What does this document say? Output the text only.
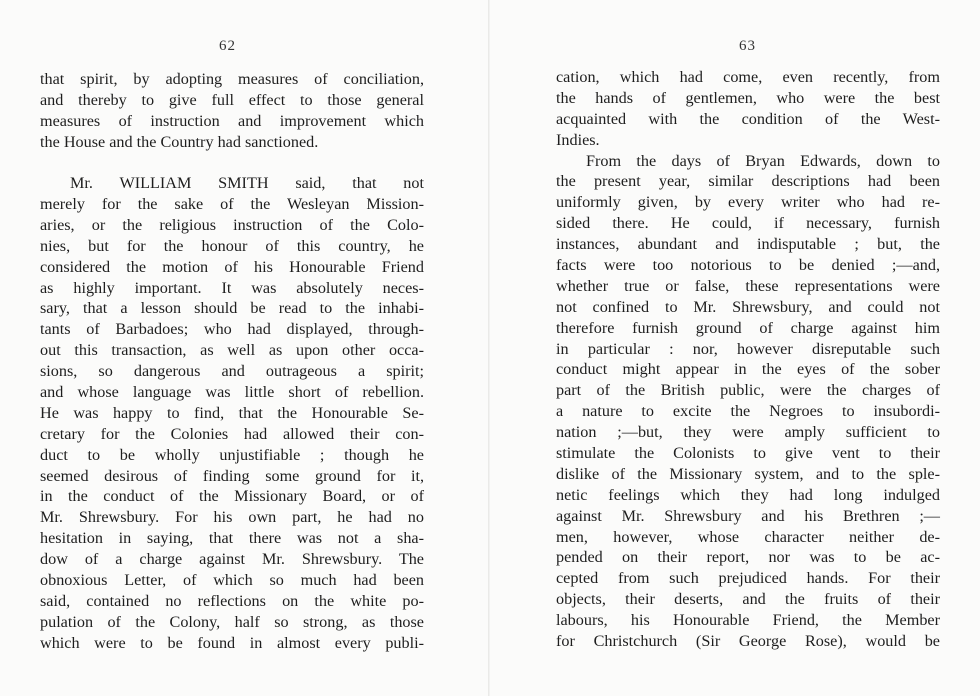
62
that spirit, by adopting measures of conciliation,
and thereby to give full effect to those general
measures of instruction and improvement which
the House and the Country had sanctioned.
Mr. WILLIAM SMITH said, that not
merely for the sake of the Wesleyan Mission-
aries, or the religious instruction of the Colo-
nies, but for the honour of this country, he
considered the motion of his Honourable Friend
as highly important. It was absolutely neces-
sary, that a lesson should be read to the inhabi-
tants of Barbadoes; who had displayed, through-
out this transaction, as well as upon other occa-
sions, so dangerous and outrageous a spirit;
and whose language was little short of rebellion.
He was happy to find, that the Honourable Se-
cretary for the Colonies had allowed their con-
duct to be wholly unjustifiable ; though he
seemed desirous of finding some ground for it,
in the conduct of the Missionary Board, or of
Mr. Shrewsbury. For his own part, he had no
hesitation in saying, that there was not a sha-
dow of a charge against Mr. Shrewsbury. The
obnoxious Letter, of which so much had been
said, contained no reflections on the white po-
pulation of the Colony, half so strong, as those
which were to be found in almost every publi-
63
cation, which had come, even recently, from
the hands of gentlemen, who were the best
acquainted with the condition of the West-
Indies.
From the days of Bryan Edwards, down to
the present year, similar descriptions had been
uniformly given, by every writer who had re-
sided there. He could, if necessary, furnish
instances, abundant and indisputable ; but, the
facts were too notorious to be denied ;—and,
whether true or false, these representations were
not confined to Mr. Shrewsbury, and could not
therefore furnish ground of charge against him
in particular : nor, however disreputable such
conduct might appear in the eyes of the sober
part of the British public, were the charges of
a nature to excite the Negroes to insubordi-
nation ;—but, they were amply sufficient to
stimulate the Colonists to give vent to their
dislike of the Missionary system, and to the sple-
netic feelings which they had long indulged
against Mr. Shrewsbury and his Brethren ;—
men, however, whose character neither de-
pended on their report, nor was to be ac-
cepted from such prejudiced hands. For their
objects, their deserts, and the fruits of their
labours, his Honourable Friend, the Member
for Christchurch (Sir George Rose), would be
